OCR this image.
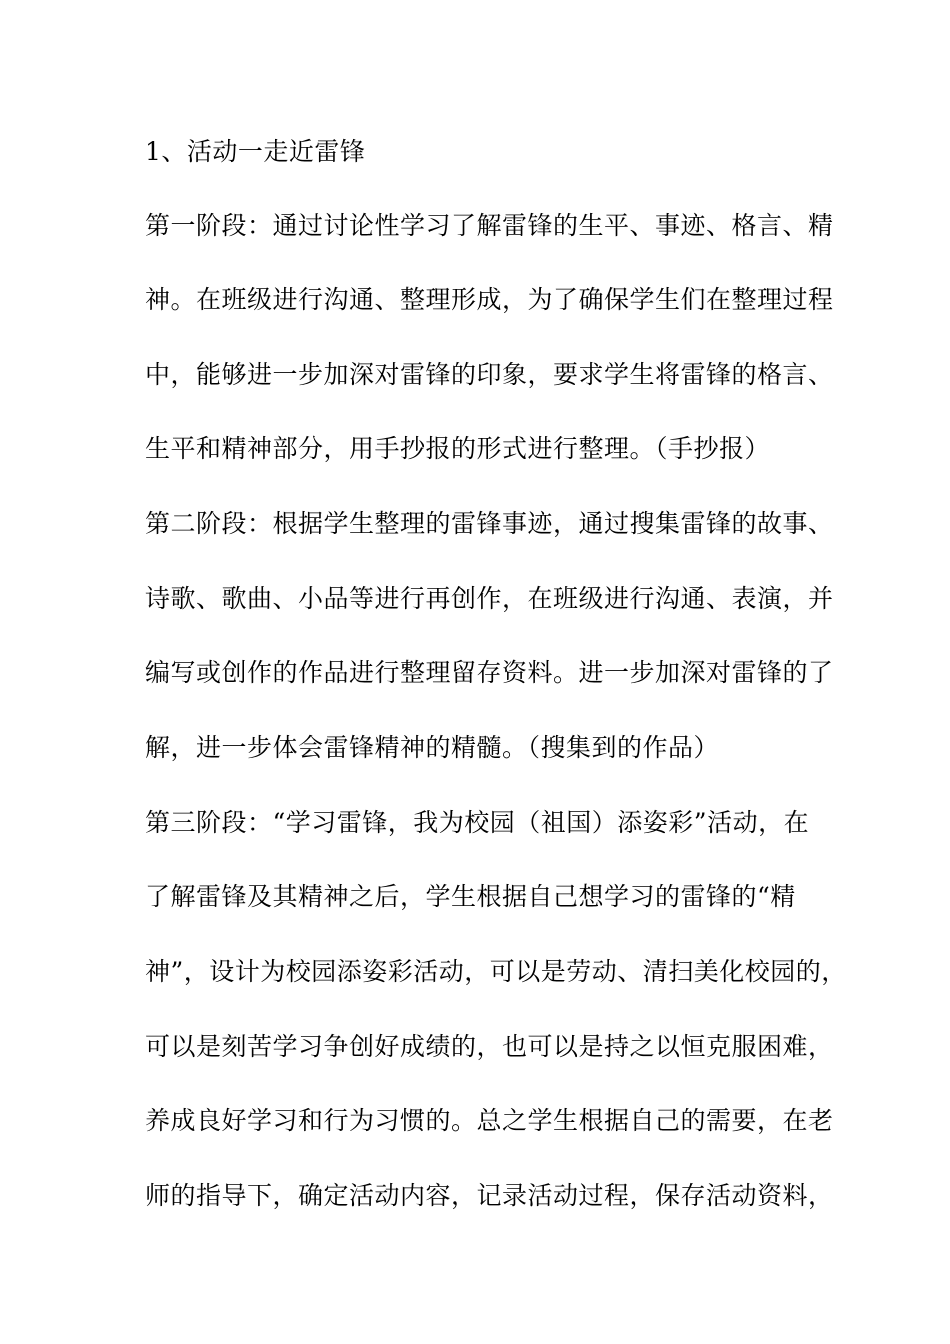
1、活动一走近雷锋
第一阶段：通过讨论性学习了解雷锋的生平、事迹、格言、精
神。在班级进行沟通、整理形成，为了确保学生们在整理过程
中，能够进一步加深对雷锋的印象，要求学生将雷锋的格言、
生平和精神部分，用手抄报的形式进行整理。（手抄报）
第二阶段：根据学生整理的雷锋事迹，通过搜集雷锋的故事、
诗歌、歌曲、小品等进行再创作，在班级进行沟通、表演，并
编写或创作的作品进行整理留存资料。进一步加深对雷锋的了
解，进一步体会雷锋精神的精髓。（搜集到的作品）
第三阶段：“学习雷锋，我为校园（祖国）添姿彩”活动，在
了解雷锋及其精神之后，学生根据自己想学习的雷锋的“精
神”，设计为校园添姿彩活动，可以是劳动、清扫美化校园的，
可以是刻苦学习争创好成绩的，也可以是持之以恒克服困难，
养成良好学习和行为习惯的。总之学生根据自己的需要，在老
师的指导下，确定活动内容，记录活动过程，保存活动资料，
